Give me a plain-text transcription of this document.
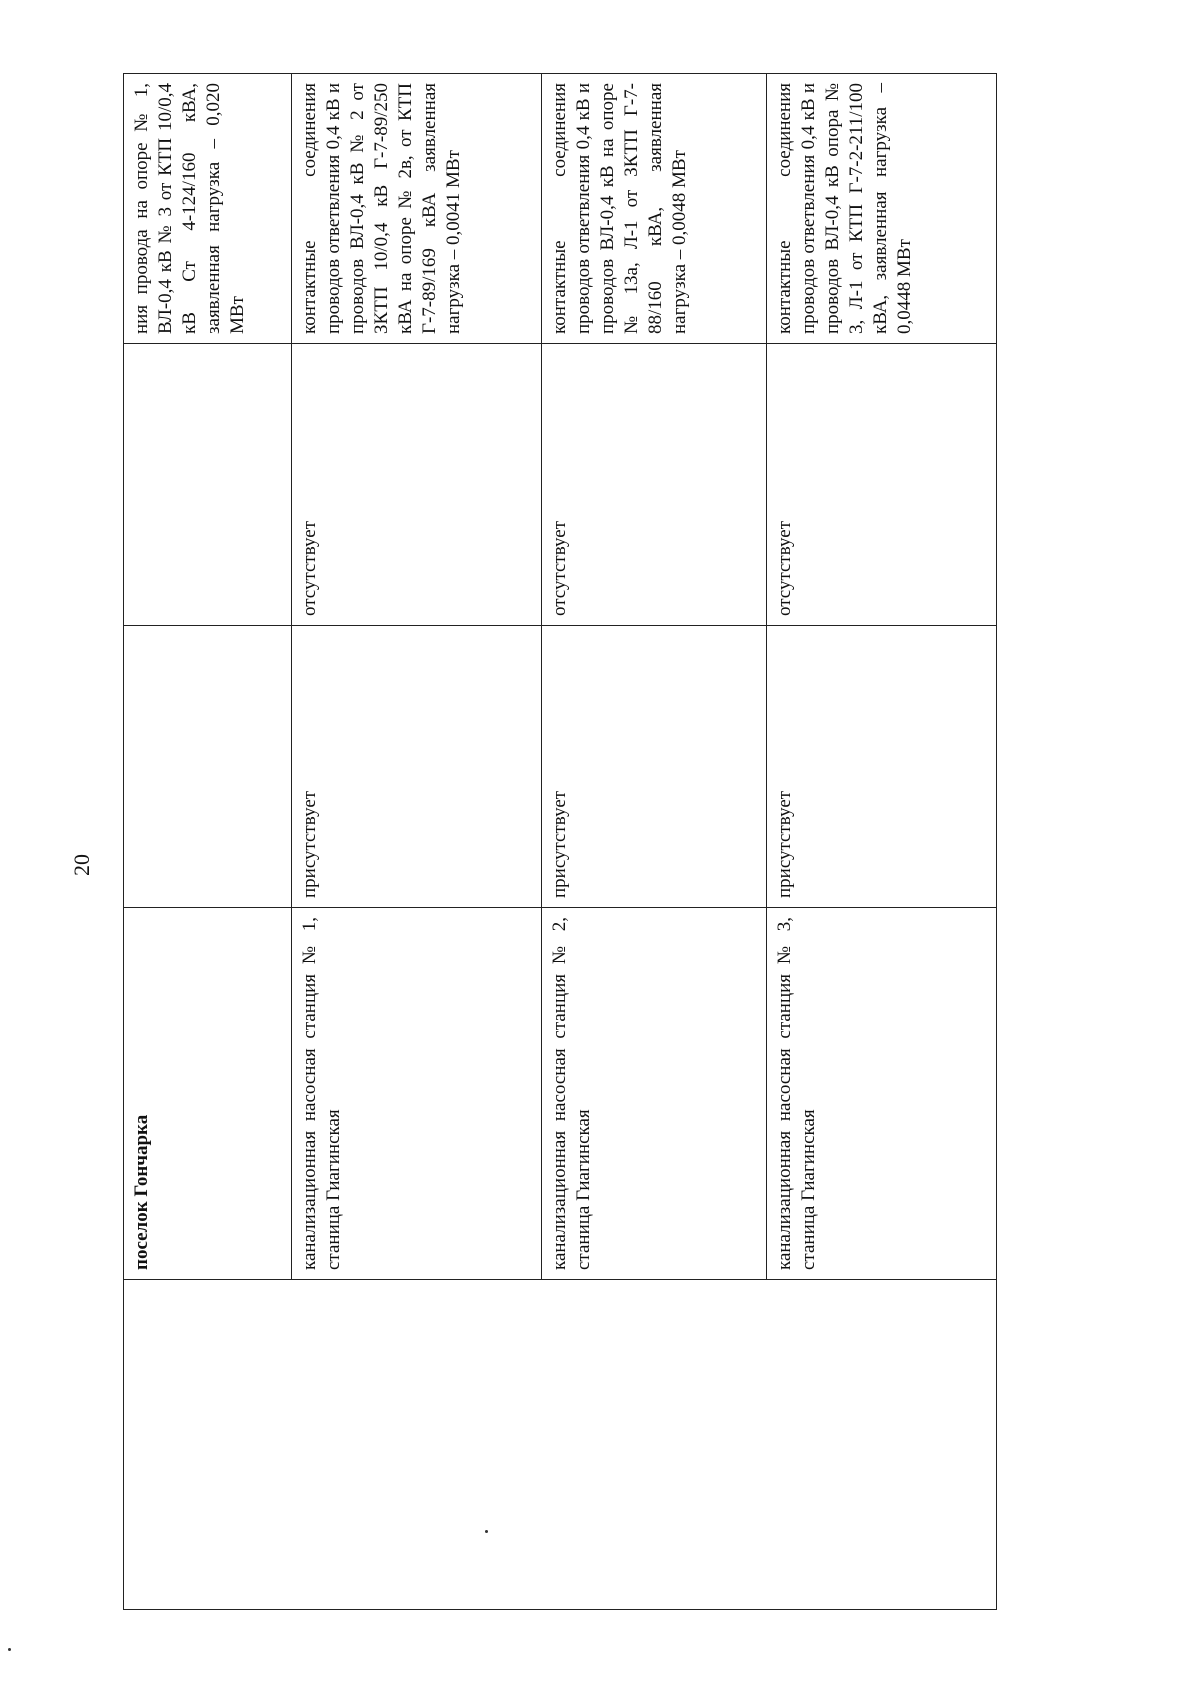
20
	поселок Гончарка			ния провода на опоре № 1, ВЛ-0,4 кВ № 3 от КТП 10/0,4 кВ Ст 4-124/160 кВА, заявленная нагрузка – 0,020 МВт
	канализационная насосная станция № 1, станица Гиагинская	присутствует	отсутствует	контактные соединения проводов ответвления 0,4 кВ и проводов ВЛ-0,4 кВ № 2 от ЗКТП 10/0,4 кВ Г-7-89/250 кВА на опоре № 2в, от КТП Г-7-89/169 кВА заявленная нагрузка – 0,0041 МВт
	канализационная насосная станция № 2, станица Гиагинская	присутствует	отсутствует	контактные соединения проводов ответвления 0,4 кВ и проводов ВЛ-0,4 кВ на опоре № 13а, Л-1 от ЗКТП Г-7-88/160 кВА, заявленная нагрузка – 0,0048 МВт
	канализационная насосная станция № 3, станица Гиагинская	присутствует	отсутствует	контактные соединения проводов ответвления 0,4 кВ и проводов ВЛ-0,4 кВ опора № 3, Л-1 от КТП Г-7-2-211/100 кВА, заявленная нагрузка – 0,0448 МВт
